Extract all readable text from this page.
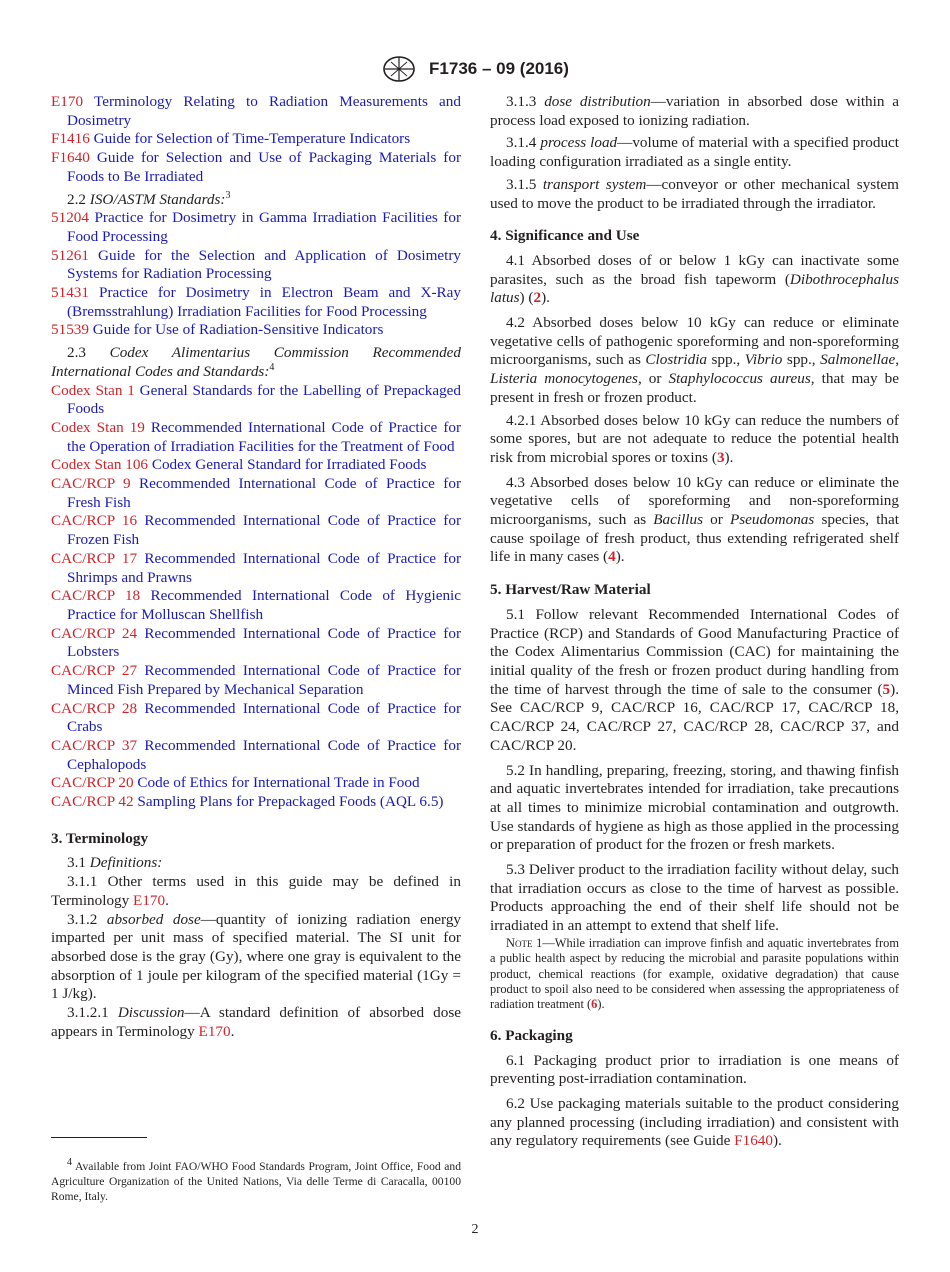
F1736 – 09 (2016)

E170 Terminology Relating to Radiation Measurements and Dosimetry

F1416 Guide for Selection of Time-Temperature Indicators

F1640 Guide for Selection and Use of Packaging Materials for Foods to Be Irradiated

2.2 ISO/ASTM Standards:$^3$

51204 Practice for Dosimetry in Gamma Irradiation Facilities for Food Processing

51261 Guide for the Selection and Application of Dosimetry Systems for Radiation Processing

51431 Practice for Dosimetry in Electron Beam and X-Ray (Bremsstrahlung) Irradiation Facilities for Food Processing

51539 Guide for Use of Radiation-Sensitive Indicators

2.3 Codex Alimentarius Commission Recommended International Codes and Standards:$^4$

Codex Stan 1 General Standards for the Labelling of Prepackaged Foods

Codex Stan 19 Recommended International Code of Practice for the Operation of Irradiation Facilities for the Treatment of Food

Codex Stan 106 Codex General Standard for Irradiated Foods

CAC/RCP 9 Recommended International Code of Practice for Fresh Fish

CAC/RCP 16 Recommended International Code of Practice for Frozen Fish

CAC/RCP 17 Recommended International Code of Practice for Shrimps and Prawns

CAC/RCP 18 Recommended International Code of Hygienic Practice for Molluscan Shellfish

CAC/RCP 24 Recommended International Code of Practice for Lobsters

CAC/RCP 27 Recommended International Code of Practice for Minced Fish Prepared by Mechanical Separation

CAC/RCP 28 Recommended International Code of Practice for Crabs

CAC/RCP 37 Recommended International Code of Practice for Cephalopods

CAC/RCP 20 Code of Ethics for International Trade in Food

CAC/RCP 42 Sampling Plans for Prepackaged Foods (AQL 6.5)

3. Terminology

3.1 Definitions:

3.1.1 Other terms used in this guide may be defined in Terminology E170.

3.1.2 absorbed dose—quantity of ionizing radiation energy imparted per unit mass of specified material. The SI unit for absorbed dose is the gray (Gy), where one gray is equivalent to the absorption of 1 joule per kilogram of the specified material (1Gy = 1 J/kg).

3.1.2.1 Discussion—A standard definition of absorbed dose appears in Terminology E170.

$^4$ Available from Joint FAO/WHO Food Standards Program, Joint Office, Food and Agriculture Organization of the United Nations, Via delle Terme di Caracalla, 00100 Rome, Italy.

3.1.3 dose distribution—variation in absorbed dose within a process load exposed to ionizing radiation.

3.1.4 process load—volume of material with a specified product loading configuration irradiated as a single entity.

3.1.5 transport system—conveyor or other mechanical system used to move the product to be irradiated through the irradiator.

4. Significance and Use

4.1 Absorbed doses of or below 1 kGy can inactivate some parasites, such as the broad fish tapeworm (Dibothrocephalus latus) (2).

4.2 Absorbed doses below 10 kGy can reduce or eliminate vegetative cells of pathogenic sporeforming and non-sporeforming microorganisms, such as Clostridia spp., Vibrio spp., Salmonellae, Listeria monocytogenes, or Staphylococcus aureus, that may be present in fresh or frozen product.

4.2.1 Absorbed doses below 10 kGy can reduce the numbers of some spores, but are not adequate to reduce the potential health risk from microbial spores or toxins (3).

4.3 Absorbed doses below 10 kGy can reduce or eliminate the vegetative cells of sporeforming and non-sporeforming microorganisms, such as Bacillus or Pseudomonas species, that cause spoilage of fresh product, thus extending refrigerated shelf life in many cases (4).

5. Harvest/Raw Material

5.1 Follow relevant Recommended International Codes of Practice (RCP) and Standards of Good Manufacturing Practice of the Codex Alimentarius Commission (CAC) for maintaining the initial quality of the fresh or frozen product during handling from the time of harvest through the time of sale to the consumer (5). See CAC/RCP 9, CAC/RCP 16, CAC/RCP 17, CAC/RCP 18, CAC/RCP 24, CAC/RCP 27, CAC/RCP 28, CAC/RCP 37, and CAC/RCP 20.

5.2 In handling, preparing, freezing, storing, and thawing finfish and aquatic invertebrates intended for irradiation, take precautions at all times to minimize microbial contamination and outgrowth. Use standards of hygiene as high as those applied in the processing or preparation of product for the frozen or fresh markets.

5.3 Deliver product to the irradiation facility without delay, such that irradiation occurs as close to the time of harvest as possible. Products approaching the end of their shelf life should not be irradiated in an attempt to extend that shelf life.

Note 1—While irradiation can improve finfish and aquatic invertebrates from a public health aspect by reducing the microbial and parasite populations within product, chemical reactions (for example, oxidative degradation) that cause product to spoil also need to be considered when assessing the appropriateness of radiation treatment (6).

6. Packaging

6.1 Packaging product prior to irradiation is one means of preventing post-irradiation contamination.

6.2 Use packaging materials suitable to the product considering any planned processing (including irradiation) and consistent with any regulatory requirements (see Guide F1640).

2
